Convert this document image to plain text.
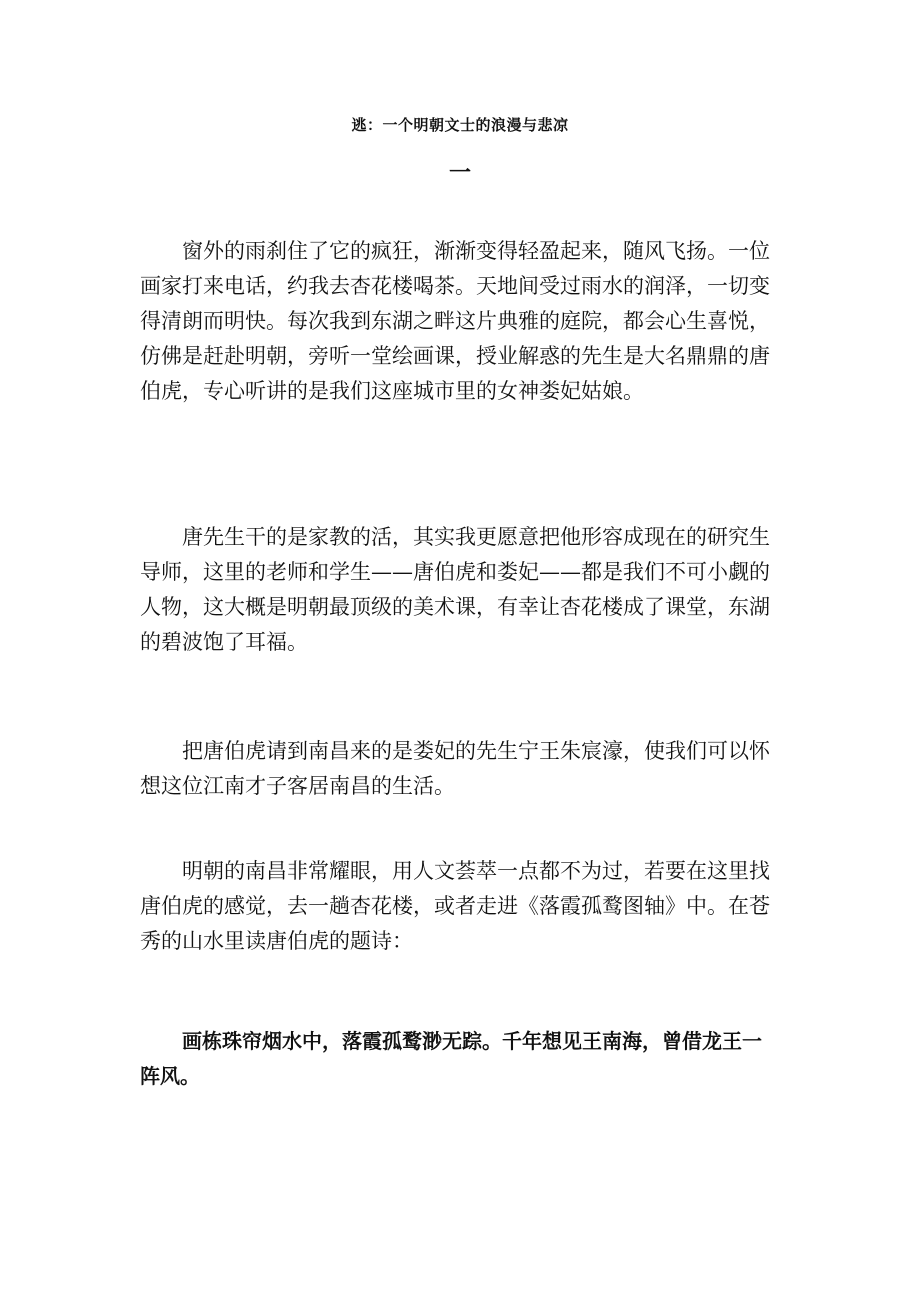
逃：一个明朝文士的浪漫与悲凉
一

窗外的雨刹住了它的疯狂，渐渐变得轻盈起来，随风飞扬。一位画家打来电话，约我去杏花楼喝茶。天地间受过雨水的润泽，一切变得清朗而明快。每次我到东湖之畔这片典雅的庭院，都会心生喜悦，仿佛是赶赴明朝，旁听一堂绘画课，授业解惑的先生是大名鼎鼎的唐伯虎，专心听讲的是我们这座城市里的女神娄妃姑娘。

唐先生干的是家教的活，其实我更愿意把他形容成现在的研究生导师，这里的老师和学生——唐伯虎和娄妃——都是我们不可小觑的人物，这大概是明朝最顶级的美术课，有幸让杏花楼成了课堂，东湖的碧波饱了耳福。

把唐伯虎请到南昌来的是娄妃的先生宁王朱宸濠，使我们可以怀想这位江南才子客居南昌的生活。

明朝的南昌非常耀眼，用人文荟萃一点都不为过，若要在这里找唐伯虎的感觉，去一趟杏花楼，或者走进《落霞孤鹜图轴》中。在苍秀的山水里读唐伯虎的题诗：

画栋珠帘烟水中，落霞孤鹜渺无踪。千年想见王南海，曾借龙王一阵风。
